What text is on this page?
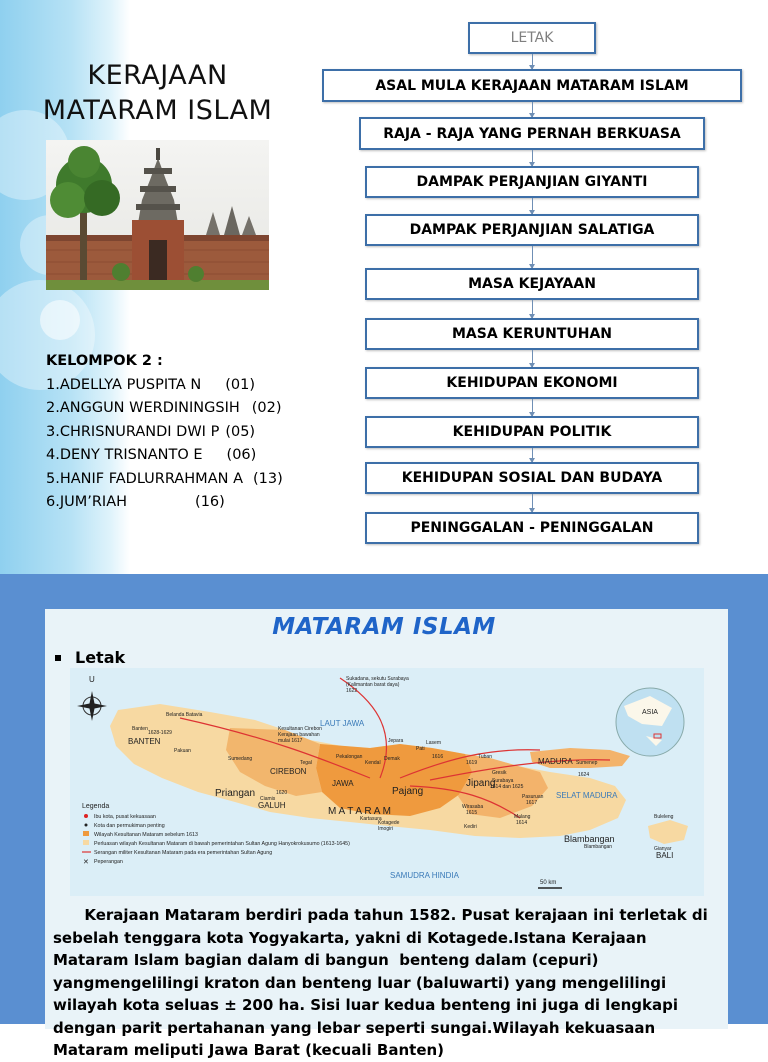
KERAJAAN
MATARAM ISLAM
KELOMPOK 2 :
1.ADELLYA PUSPITA N (01)
2.ANGGUN WERDININGSIH (02)
3.CHRISNURANDI DWI P (05)
4.DENY TRISNANTO E (06)
5.HANIF FADLURRAHMAN A (13)
6.JUM’RIAH	(16)
LETAK
ASAL MULA KERAJAAN MATARAM ISLAM
RAJA - RAJA YANG PERNAH BERKUASA
DAMPAK PERJANJIAN GIYANTI
DAMPAK PERJANJIAN SALATIGA
MASA KEJAYAAN
MASA KERUNTUHAN
KEHIDUPAN EKONOMI
KEHIDUPAN POLITIK
KEHIDUPAN SOSIAL DAN BUDAYA
PENINGGALAN - PENINGGALAN
MATARAM ISLAM
Letak
U
ASIA
LAUT JAWA
SAMUDRA HINDIA
SELAT MADURA
BANTEN
Priangan
CIREBON
GALUH
JAWA
Pajang
M A T A R A M
Jipang
MADURA
Blambangan
BALI
Belanda Batavia
1628-1629
Banten
Pakuan
Kesultanan Cirebon
Kerajaan bawahan
mulai 1617
Sumedang
Tegal
Pekalongan
Ciamis
1620
Kendal
Jepara
Pati
Demak
Lasem
1616	Tuban
1619
Gresik
Surabaya
1614 dan 1625
Sumenep
1624
Pasuruan
1617
Wirasaba
1615
Malang
1614
Kediri
Kartasura
Kotagede
Imogiri
Buleleng
Gianyar
Blambangan
Sukadana, sekutu Surabaya
(Kalimantan barat daya)
1622
Legenda
Ibu kota, pusat kekuasaan
Kota dan permukiman penting
Wilayah Kesultanan Mataram sebelum 1613
Perluasan wilayah Kesultanan Mataram di bawah pemerintahan Sultan Agung Hanyokrokusumo (1613-1645)
Serangan militer Kesultanan Mataram pada era pemerintahan Sultan Agung
✕ Peperangan
50 km
Kerajaan Mataram berdiri pada tahun 1582. Pusat kerajaan ini terletak di sebelah tenggara kota Yogyakarta, yakni di Kotagede.Istana Kerajaan Mataram Islam bagian dalam di bangun  benteng dalam (cepuri) yangmengelilingi kraton dan benteng luar (baluwarti) yang mengelilingi wilayah kota seluas ± 200 ha. Sisi luar kedua benteng ini juga di lengkapi dengan parit pertahanan yang lebar seperti sungai.Wilayah kekuasaan Mataram meliputi Jawa Barat (kecuali Banten)
